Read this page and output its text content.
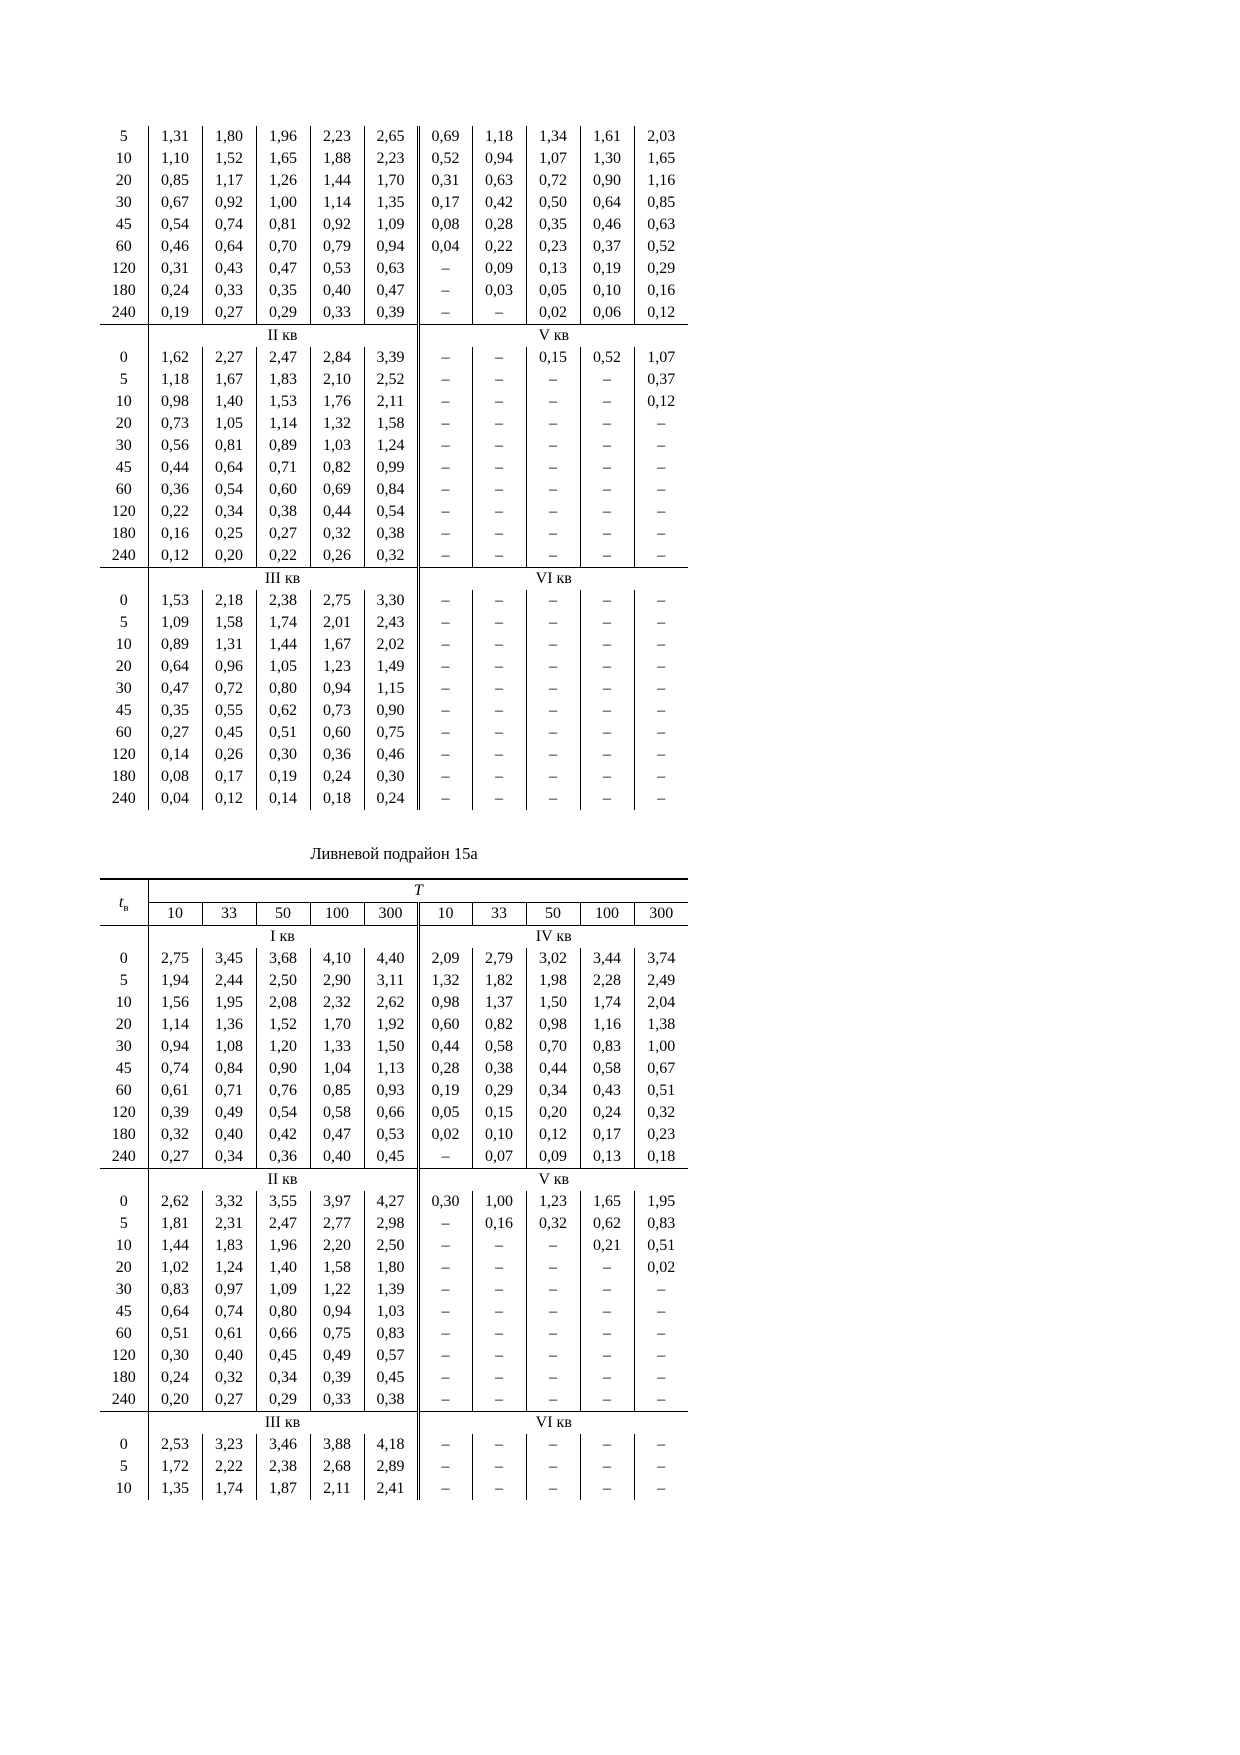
5	1,31	1,80	1,96	2,23	2,65	0,69	1,18	1,34	1,61	2,03
10	1,10	1,52	1,65	1,88	2,23	0,52	0,94	1,07	1,30	1,65
20	0,85	1,17	1,26	1,44	1,70	0,31	0,63	0,72	0,90	1,16
30	0,67	0,92	1,00	1,14	1,35	0,17	0,42	0,50	0,64	0,85
45	0,54	0,74	0,81	0,92	1,09	0,08	0,28	0,35	0,46	0,63
60	0,46	0,64	0,70	0,79	0,94	0,04	0,22	0,23	0,37	0,52
120	0,31	0,43	0,47	0,53	0,63	–	0,09	0,13	0,19	0,29
180	0,24	0,33	0,35	0,40	0,47	–	0,03	0,05	0,10	0,16
240	0,19	0,27	0,29	0,33	0,39	–	–	0,02	0,06	0,12
	II кв					V кв				
0	1,62	2,27	2,47	2,84	3,39	–	–	0,15	0,52	1,07
5	1,18	1,67	1,83	2,10	2,52	–	–	–	–	0,37
10	0,98	1,40	1,53	1,76	2,11	–	–	–	–	0,12
20	0,73	1,05	1,14	1,32	1,58	–	–	–	–	–
30	0,56	0,81	0,89	1,03	1,24	–	–	–	–	–
45	0,44	0,64	0,71	0,82	0,99	–	–	–	–	–
60	0,36	0,54	0,60	0,69	0,84	–	–	–	–	–
120	0,22	0,34	0,38	0,44	0,54	–	–	–	–	–
180	0,16	0,25	0,27	0,32	0,38	–	–	–	–	–
240	0,12	0,20	0,22	0,26	0,32	–	–	–	–	–
	III кв					VI кв				
0	1,53	2,18	2,38	2,75	3,30	–	–	–	–	–
5	1,09	1,58	1,74	2,01	2,43	–	–	–	–	–
10	0,89	1,31	1,44	1,67	2,02	–	–	–	–	–
20	0,64	0,96	1,05	1,23	1,49	–	–	–	–	–
30	0,47	0,72	0,80	0,94	1,15	–	–	–	–	–
45	0,35	0,55	0,62	0,73	0,90	–	–	–	–	–
60	0,27	0,45	0,51	0,60	0,75	–	–	–	–	–
120	0,14	0,26	0,30	0,36	0,46	–	–	–	–	–
180	0,08	0,17	0,19	0,24	0,30	–	–	–	–	–
240	0,04	0,12	0,14	0,18	0,24	–	–	–	–	–

Ливневой подрайон 15а

$t_в$	T									
	10	33	50	100	300	10	33	50	100	300
	I кв					IV кв				
0	2,75	3,45	3,68	4,10	4,40	2,09	2,79	3,02	3,44	3,74
5	1,94	2,44	2,50	2,90	3,11	1,32	1,82	1,98	2,28	2,49
10	1,56	1,95	2,08	2,32	2,62	0,98	1,37	1,50	1,74	2,04
20	1,14	1,36	1,52	1,70	1,92	0,60	0,82	0,98	1,16	1,38
30	0,94	1,08	1,20	1,33	1,50	0,44	0,58	0,70	0,83	1,00
45	0,74	0,84	0,90	1,04	1,13	0,28	0,38	0,44	0,58	0,67
60	0,61	0,71	0,76	0,85	0,93	0,19	0,29	0,34	0,43	0,51
120	0,39	0,49	0,54	0,58	0,66	0,05	0,15	0,20	0,24	0,32
180	0,32	0,40	0,42	0,47	0,53	0,02	0,10	0,12	0,17	0,23
240	0,27	0,34	0,36	0,40	0,45	–	0,07	0,09	0,13	0,18
	II кв					V кв				
0	2,62	3,32	3,55	3,97	4,27	0,30	1,00	1,23	1,65	1,95
5	1,81	2,31	2,47	2,77	2,98	–	0,16	0,32	0,62	0,83
10	1,44	1,83	1,96	2,20	2,50	–	–	–	0,21	0,51
20	1,02	1,24	1,40	1,58	1,80	–	–	–	–	0,02
30	0,83	0,97	1,09	1,22	1,39	–	–	–	–	–
45	0,64	0,74	0,80	0,94	1,03	–	–	–	–	–
60	0,51	0,61	0,66	0,75	0,83	–	–	–	–	–
120	0,30	0,40	0,45	0,49	0,57	–	–	–	–	–
180	0,24	0,32	0,34	0,39	0,45	–	–	–	–	–
240	0,20	0,27	0,29	0,33	0,38	–	–	–	–	–
	III кв					VI кв				
0	2,53	3,23	3,46	3,88	4,18	–	–	–	–	–
5	1,72	2,22	2,38	2,68	2,89	–	–	–	–	–
10	1,35	1,74	1,87	2,11	2,41	–	–	–	–	–
